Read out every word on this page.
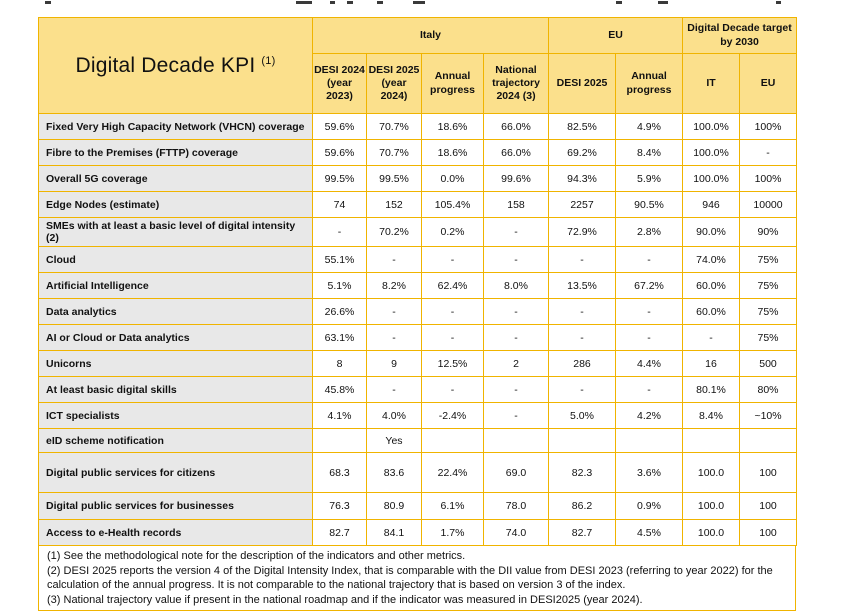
Digital Decade KPI $^{(1)}$	Italy				EU		Digital Decade target by 2030	
	DESI 2024 (year 2023)	DESI 2025 (year 2024)	Annual progress	National trajectory 2024 (3)	DESI 2025	Annual progress	IT	EU
Fixed Very High Capacity Network (VHCN) coverage	59.6%	70.7%	18.6%	66.0%	82.5%	4.9%	100.0%	100%
Fibre to the Premises (FTTP) coverage	59.6%	70.7%	18.6%	66.0%	69.2%	8.4%	100.0%	-
Overall 5G coverage	99.5%	99.5%	0.0%	99.6%	94.3%	5.9%	100.0%	100%
Edge Nodes (estimate)	74	152	105.4%	158	2257	90.5%	946	10000
SMEs with at least a basic level of digital intensity (2)	-	70.2%	0.2%	-	72.9%	2.8%	90.0%	90%
Cloud	55.1%	-	-	-	-	-	74.0%	75%
Artificial Intelligence	5.1%	8.2%	62.4%	8.0%	13.5%	67.2%	60.0%	75%
Data analytics	26.6%	-	-	-	-	-	60.0%	75%
AI or Cloud or Data analytics	63.1%	-	-	-	-	-	-	75%
Unicorns	8	9	12.5%	2	286	4.4%	16	500
At least basic digital skills	45.8%	-	-	-	-	-	80.1%	80%
ICT specialists	4.1%	4.0%	-2.4%	-	5.0%	4.2%	8.4%	~10%
eID scheme notification		Yes						
Digital public services for citizens	68.3	83.6	22.4%	69.0	82.3	3.6%	100.0	100
Digital public services for businesses	76.3	80.9	6.1%	78.0	86.2	0.9%	100.0	100
Access to e-Health records	82.7	84.1	1.7%	74.0	82.7	4.5%	100.0	100
(1) See the methodological note for the description of the indicators and other metrics.
(2) DESI 2025 reports the version 4 of the Digital Intensity Index, that is comparable with the DII value from DESI 2023 (referring to year 2022) for the calculation of the annual progress. It is not comparable to the national trajectory that is based on version 3 of the index.
(3) National trajectory value if present in the national roadmap and if the indicator was measured in DESI2025 (year 2024).
